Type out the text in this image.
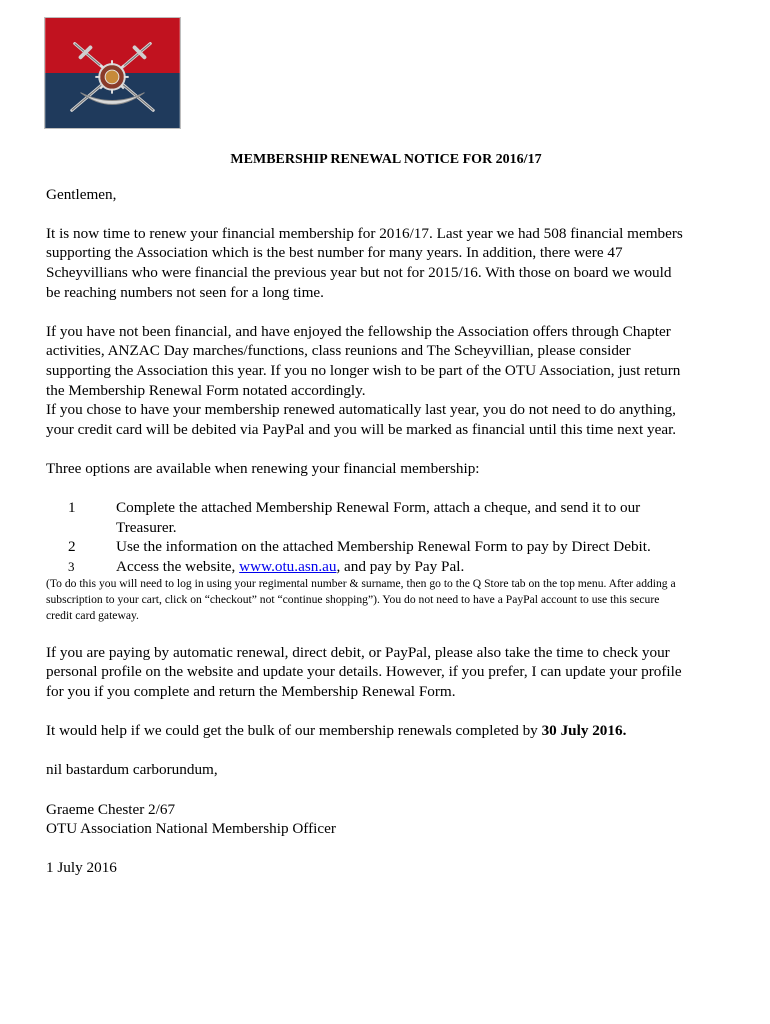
MEMBERSHIP RENEWAL NOTICE FOR 2016/17

Gentlemen,

It is now time to renew your financial membership for 2016/17. Last year we had 508 financial members supporting the Association which is the best number for many years. In addition, there were 47 Scheyvillians who were financial the previous year but not for 2015/16. With those on board we would be reaching numbers not seen for a long time.

If you have not been financial, and have enjoyed the fellowship the Association offers through Chapter activities, ANZAC Day marches/functions, class reunions and The Scheyvillian, please consider supporting the Association this year. If you no longer wish to be part of the OTU Association, just return the Membership Renewal Form notated accordingly.

If you chose to have your membership renewed automatically last year, you do not need to do anything, your credit card will be debited via PayPal and you will be marked as financial until this time next year.

Three options are available when renewing your financial membership:

1	Complete the attached Membership Renewal Form, attach a cheque, and send it to our Treasurer.
2	Use the information on the attached Membership Renewal Form to pay by Direct Debit.
3	Access the website, www.otu.asn.au, and pay by Pay Pal.
(To do this you will need to log in using your regimental number & surname, then go to the Q Store tab on the top menu. After adding a subscription to your cart, click on “checkout” not “continue shopping”). You do not need to have a PayPal account to use this secure credit card gateway.

If you are paying by automatic renewal, direct debit, or PayPal, please also take the time to check your personal profile on the website and update your details. However, if you prefer, I can update your profile for you if you complete and return the Membership Renewal Form.

It would help if we could get the bulk of our membership renewals completed by 30 July 2016.

nil bastardum carborundum,

Graeme Chester 2/67

OTU Association National Membership Officer

1 July 2016
